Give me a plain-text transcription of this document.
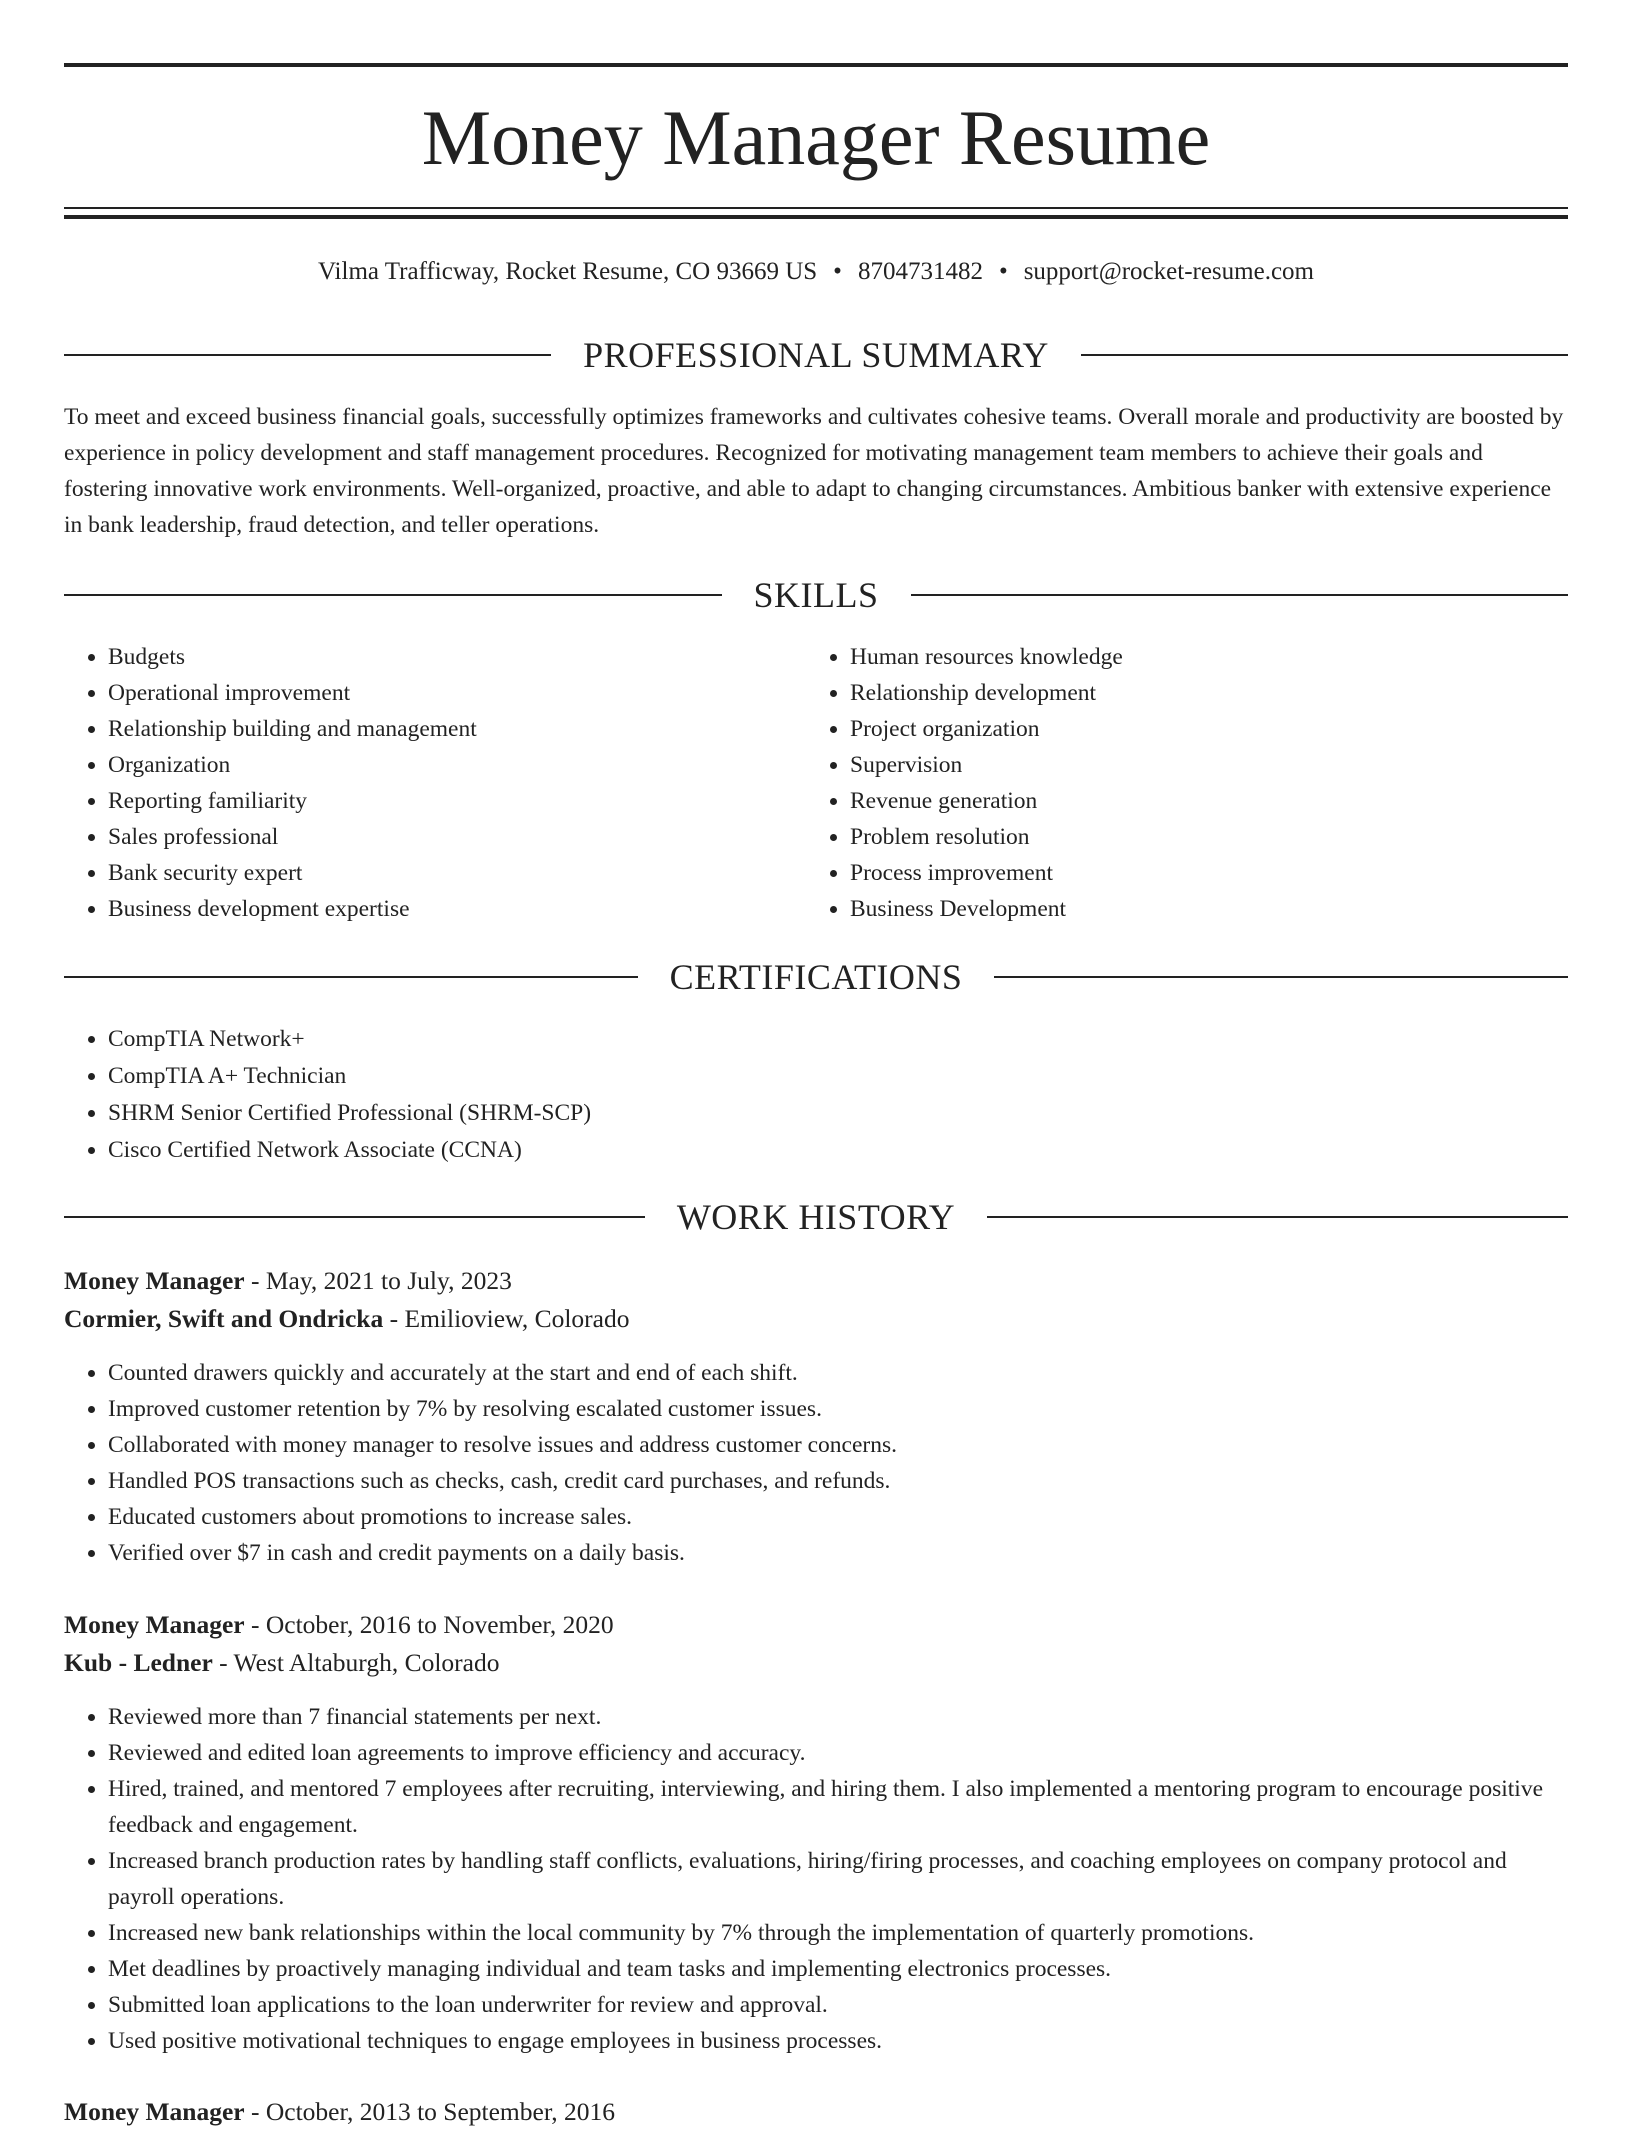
Money Manager Resume
Vilma Trafficway, Rocket Resume, CO 93669 US • 8704731482 • support@rocket-resume.com
PROFESSIONAL SUMMARY

To meet and exceed business financial goals, successfully optimizes frameworks and cultivates cohesive teams. Overall morale and productivity are boosted by experience in policy development and staff management procedures. Recognized for motivating management team members to achieve their goals and fostering innovative work environments. Well-organized, proactive, and able to adapt to changing circumstances. Ambitious banker with extensive experience in bank leadership, fraud detection, and teller operations.

SKILLS
• Budgets
• Operational improvement
• Relationship building and management
• Organization
• Reporting familiarity
• Sales professional
• Bank security expert
• Business development expertise
• Human resources knowledge
• Relationship development
• Project organization
• Supervision
• Revenue generation
• Problem resolution
• Process improvement
• Business Development
CERTIFICATIONS
• CompTIA Network+
• CompTIA A+ Technician
• SHRM Senior Certified Professional (SHRM-SCP)
• Cisco Certified Network Associate (CCNA)
WORK HISTORY
Money Manager - May, 2021 to July, 2023
Cormier, Swift and Ondricka - Emilioview, Colorado
• Counted drawers quickly and accurately at the start and end of each shift.
• Improved customer retention by 7% by resolving escalated customer issues.
• Collaborated with money manager to resolve issues and address customer concerns.
• Handled POS transactions such as checks, cash, credit card purchases, and refunds.
• Educated customers about promotions to increase sales.
• Verified over $7 in cash and credit payments on a daily basis.
Money Manager - October, 2016 to November, 2020
Kub - Ledner - West Altaburgh, Colorado
• Reviewed more than 7 financial statements per next.
• Reviewed and edited loan agreements to improve efficiency and accuracy.
• Hired, trained, and mentored 7 employees after recruiting, interviewing, and hiring them. I also implemented a mentoring program to encourage positive feedback and engagement.
• Increased branch production rates by handling staff conflicts, evaluations, hiring/firing processes, and coaching employees on company protocol and payroll operations.
• Increased new bank relationships within the local community by 7% through the implementation of quarterly promotions.
• Met deadlines by proactively managing individual and team tasks and implementing electronics processes.
• Submitted loan applications to the loan underwriter for review and approval.
• Used positive motivational techniques to engage employees in business processes.
Money Manager - October, 2013 to September, 2016
